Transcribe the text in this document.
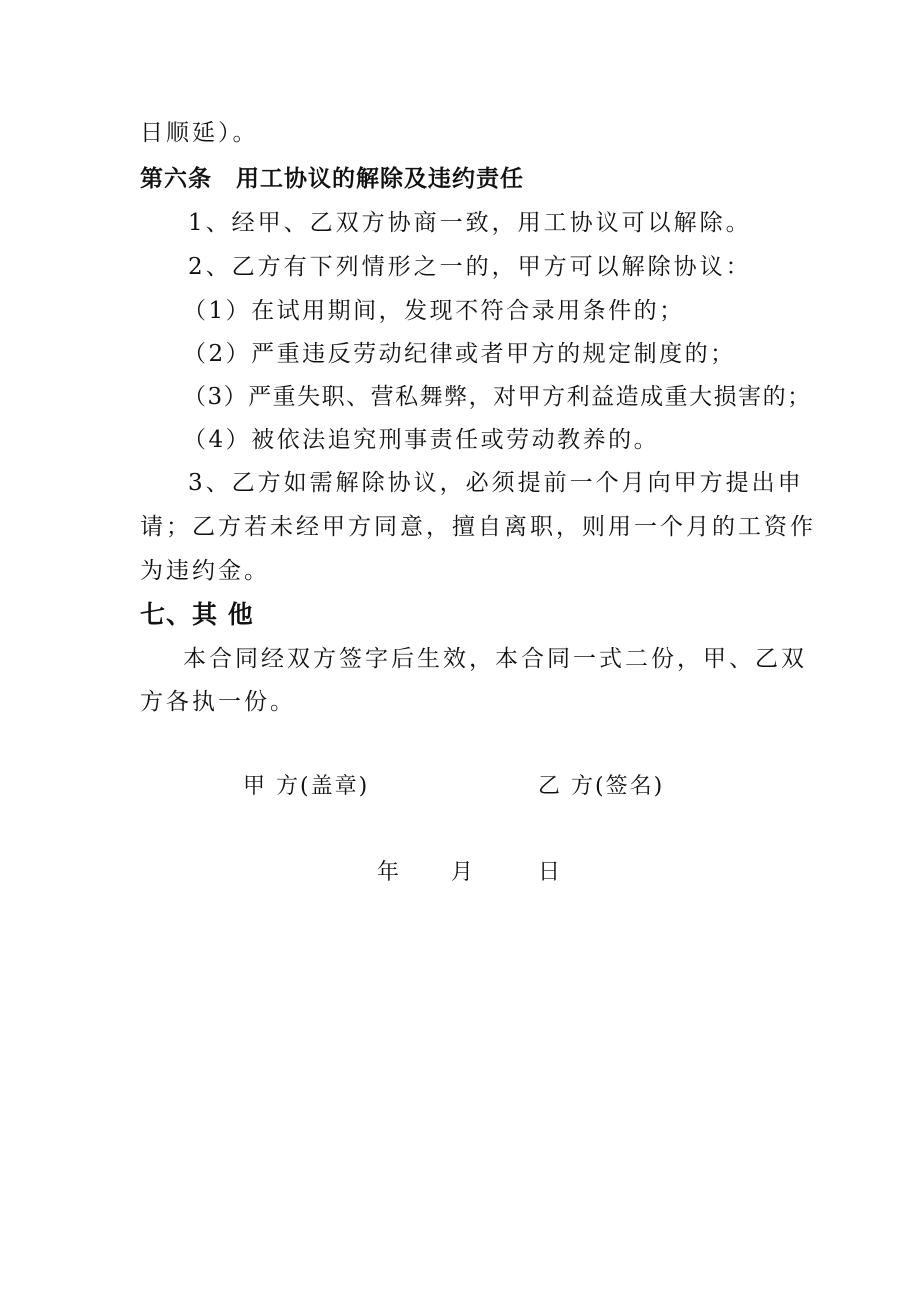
日顺延）。
第六条　用工协议的解除及违约责任
1、经甲、乙双方协商一致，用工协议可以解除。
2、乙方有下列情形之一的，甲方可以解除协议：
（1）在试用期间，发现不符合录用条件的；
（2）严重违反劳动纪律或者甲方的规定制度的；
（3）严重失职、营私舞弊，对甲方利益造成重大损害的；
（4）被依法追究刑事责任或劳动教养的。
3、乙方如需解除协议，必须提前一个月向甲方提出申
请；乙方若未经甲方同意，擅自离职，则用一个月的工资作
为违约金。
七、其 他
本合同经双方签字后生效，本合同一式二份，甲、乙双
方各执一份。
甲 方(盖章)	乙 方(签名)
年 月	日
